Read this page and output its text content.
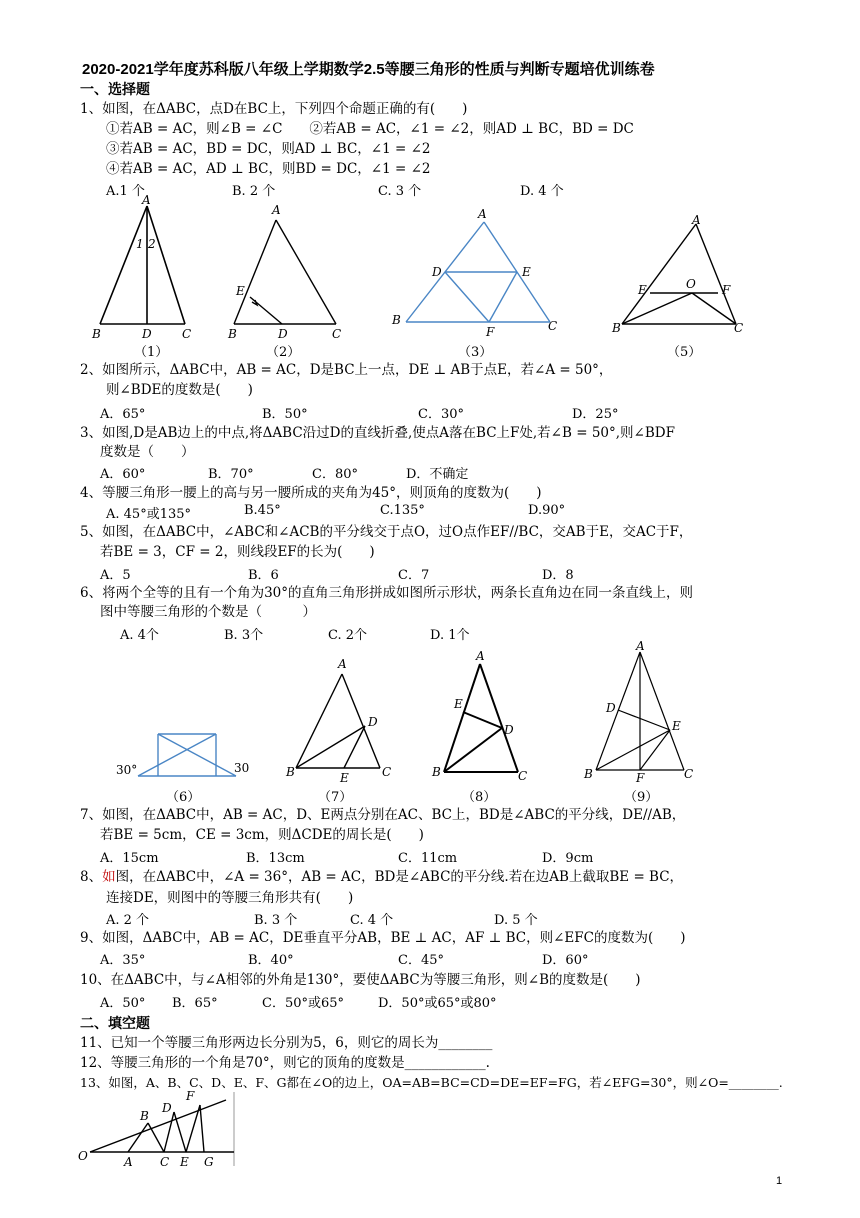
2020-2021学年度苏科版八年级上学期数学2.5等腰三角形的性质与判断专题培优训练卷
一、选择题
1、如图，在ΔABC，点D在BC上，下列四个命题正确的有(　　)
①若AB = AC，则∠B = ∠C　　②若AB = AC，∠1 = ∠2，则AD ⊥ BC，BD = DC
③若AB = AC，BD = DC，则AD ⊥ BC，∠1 = ∠2
④若AB = AC，AD ⊥ BC，则BD = DC，∠1 = ∠2
A.1 个	B. 2 个	C. 3 个	D. 4 个
A
1 2
B	D	C
A
E
B	D	C
A
D	E
B
F	C
A
E	O F
B	C
（1）	（2）	（3）	（5）
2、如图所示，ΔABC中，AB = AC，D是BC上一点，DE ⊥ AB于点E，若∠A = 50°，
则∠BDE的度数是(　　)
A．65°	B．50°	C．30°	D．25°
3、如图,D是AB边上的中点,将ΔABC沿过D的直线折叠,使点A落在BC上F处,若∠B = 50°,则∠BDF
度数是（　　）
A．60°	B．70°	C．80°	D．不确定
4、等腰三角形一腰上的高与另一腰所成的夹角为45°，则顶角的度数为(　　)
A. 45°或135°	B.45°	C.135°	D.90°
5、如图，在ΔABC中，∠ABC和∠ACB的平分线交于点O，过O点作EF//BC，交AB于E，交AC于F，
若BE = 3，CF = 2，则线段EF的长为(　　)
A．5	B．6	C．7	D．8
6、将两个全等的且有一个角为30°的直角三角形拼成如图所示形状，两条长直角边在同一条直线上，则
图中等腰三角形的个数是（　　　）
A. 4个	B. 3个	C. 2个	D. 1个
30°	30
A
D
B	E	C
A
E
D
B	C
A
D
E
B	F	C
（6）	（7）	（8）	（9）
7、如图，在ΔABC中，AB = AC，D、E两点分别在AC、BC上，BD是∠ABC的平分线，DE//AB，
若BE = 5cm，CE = 3cm，则ΔCDE的周长是(　　)
A．15cm	B．13cm	C．11cm	D．9cm
8、如图，在ΔABC中，∠A = 36°，AB = AC，BD是∠ABC的平分线.若在边AB上截取BE = BC，
连接DE，则图中的等腰三角形共有(　　)
A. 2 个	B. 3 个	C. 4 个	D. 5 个
9、如图，ΔABC中，AB = AC，DE垂直平分AB，BE ⊥ AC，AF ⊥ BC，则∠EFC的度数为(　　)
A．35°	B．40°	C．45°	D．60°
10、在ΔABC中，与∠A相邻的外角是130°，要使ΔABC为等腰三角形，则∠B的度数是(　　)
A．50° B．65°	C．50°或65°	D．50°或65°或80°
二、填空题
11、已知一个等腰三角形两边长分别为5，6，则它的周长为________
12、等腰三角形的一个角是70°，则它的顶角的度数是____________.
13、如图，A、B、C、D、E、F、G都在∠O的边上，OA=AB=BC=CD=DE=EF=FG，若∠EFG=30°，则∠O=________.
O	A
B
C
D
E
F
G
1
